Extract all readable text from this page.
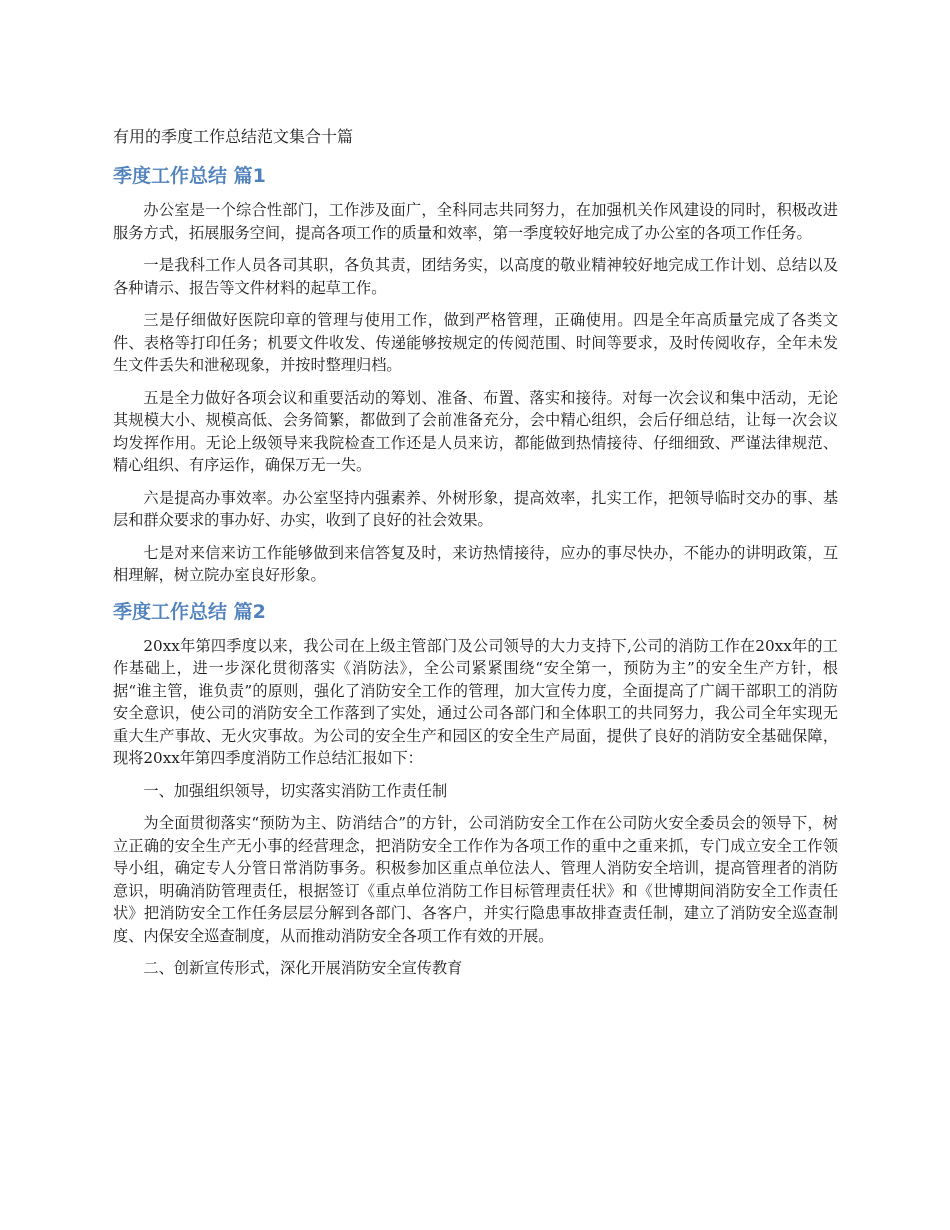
有用的季度工作总结范文集合十篇
季度工作总结 篇1

办公室是一个综合性部门，工作涉及面广，全科同志共同努力，在加强机关作风建设的同时，积极改进服务方式，拓展服务空间，提高各项工作的质量和效率，第一季度较好地完成了办公室的各项工作任务。

一是我科工作人员各司其职，各负其责，团结务实，以高度的敬业精神较好地完成工作计划、总结以及各种请示、报告等文件材料的起草工作。

三是仔细做好医院印章的管理与使用工作，做到严格管理，正确使用。四是全年高质量完成了各类文件、表格等打印任务；机要文件收发、传递能够按规定的传阅范围、时间等要求，及时传阅收存，全年未发生文件丢失和泄秘现象，并按时整理归档。

五是全力做好各项会议和重要活动的筹划、准备、布置、落实和接待。对每一次会议和集中活动，无论其规模大小、规模高低、会务简繁，都做到了会前准备充分，会中精心组织，会后仔细总结，让每一次会议均发挥作用。无论上级领导来我院检查工作还是人员来访，都能做到热情接待、仔细细致、严谨法律规范、精心组织、有序运作，确保万无一失。

六是提高办事效率。办公室坚持内强素养、外树形象，提高效率，扎实工作，把领导临时交办的事、基层和群众要求的事办好、办实，收到了良好的社会效果。

七是对来信来访工作能够做到来信答复及时，来访热情接待，应办的事尽快办，不能办的讲明政策，互相理解，树立院办室良好形象。

季度工作总结 篇2

20xx年第四季度以来，我公司在上级主管部门及公司领导的大力支持下,公司的消防工作在20xx年的工作基础上，进一步深化贯彻落实《消防法》，全公司紧紧围绕“安全第一，预防为主”的安全生产方针，根据“谁主管，谁负责”的原则，强化了消防安全工作的管理，加大宣传力度，全面提高了广阔干部职工的消防安全意识，使公司的消防安全工作落到了实处，通过公司各部门和全体职工的共同努力，我公司全年实现无重大生产事故、无火灾事故。为公司的安全生产和园区的安全生产局面，提供了良好的消防安全基础保障，现将20xx年第四季度消防工作总结汇报如下：

一、加强组织领导，切实落实消防工作责任制

为全面贯彻落实“预防为主、防消结合”的方针，公司消防安全工作在公司防火安全委员会的领导下，树立正确的安全生产无小事的经营理念，把消防安全工作作为各项工作的重中之重来抓，专门成立安全工作领导小组，确定专人分管日常消防事务。积极参加区重点单位法人、管理人消防安全培训，提高管理者的消防意识，明确消防管理责任，根据签订《重点单位消防工作目标管理责任状》和《世博期间消防安全工作责任状》把消防安全工作任务层层分解到各部门、各客户，并实行隐患事故排查责任制，建立了消防安全巡查制度、内保安全巡查制度，从而推动消防安全各项工作有效的开展。

二、创新宣传形式，深化开展消防安全宣传教育
